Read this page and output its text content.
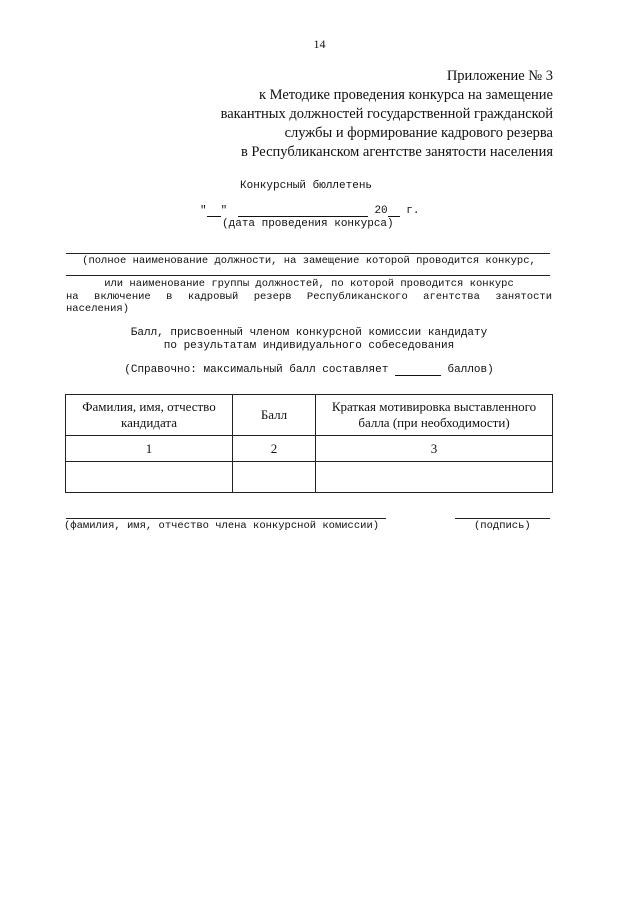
14
Приложение № 3
к Методике проведения конкурса на замещение
вакантных должностей государственной гражданской
службы и формирование кадрового резерва
в Республиканском агентстве занятости населения
Конкурсный бюллетень
" "	20 г.
(дата проведения конкурса)
(полное наименование должности, на замещение которой проводится конкурс,
или наименование группы должностей, по которой проводится конкурс
на включение в кадровый резерв Республиканского агентства занятости
населения)
Балл, присвоенный членом конкурсной комиссии кандидату
по результатам индивидуального собеседования
(Справочно: максимальный балл составляет	баллов)
Фамилия, имя, отчество кандидата	Балл	Краткая мотивировка выставленного балла (при необходимости)
1	2	3

(фамилия, имя, отчество члена конкурсной комиссии)	(подпись)
